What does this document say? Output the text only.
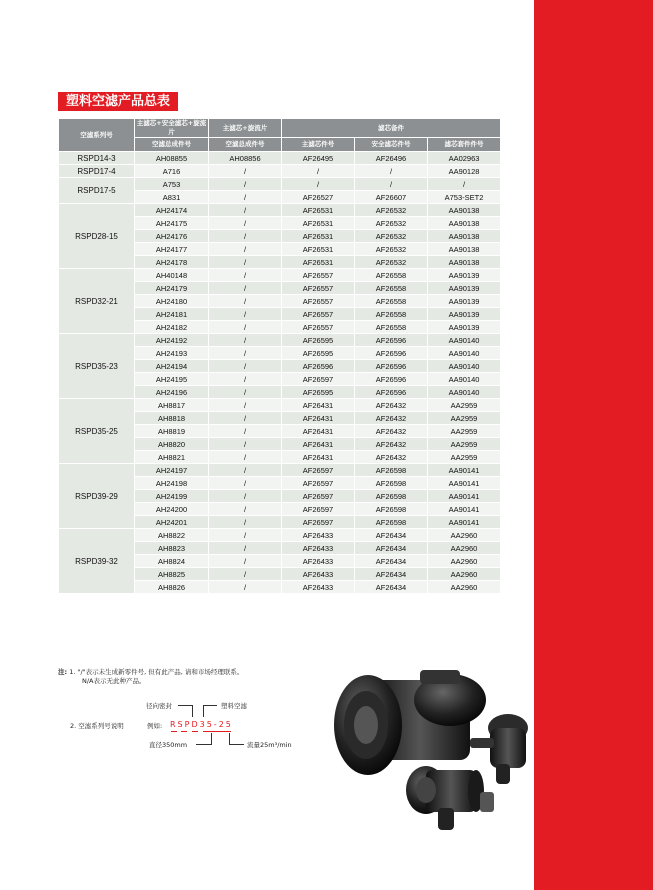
塑料空滤产品总表
空滤系列号	主滤芯+安全滤芯+旋流片	主滤芯+旋流片	滤芯备件		
	空滤总成件号	空滤总成件号	主滤芯件号	安全滤芯件号	滤芯套件件号
RSPD14-3	AH08855	AH08856	AF26495	AF26496	AA02963
RSPD17-4	A716	/	/	/	AA90128
RSPD17-5	A753	/	/	/	/
	A831	/	AF26527	AF26607	A753-SET2
RSPD28-15	AH24174	/	AF26531	AF26532	AA90138
	AH24175	/	AF26531	AF26532	AA90138
	AH24176	/	AF26531	AF26532	AA90138
	AH24177	/	AF26531	AF26532	AA90138
	AH24178	/	AF26531	AF26532	AA90138
RSPD32-21	AH40148	/	AF26557	AF26558	AA90139
	AH24179	/	AF26557	AF26558	AA90139
	AH24180	/	AF26557	AF26558	AA90139
	AH24181	/	AF26557	AF26558	AA90139
	AH24182	/	AF26557	AF26558	AA90139
RSPD35-23	AH24192	/	AF26595	AF26596	AA90140
	AH24193	/	AF26595	AF26596	AA90140
	AH24194	/	AF26596	AF26596	AA90140
	AH24195	/	AF26597	AF26596	AA90140
	AH24196	/	AF26595	AF26596	AA90140
RSPD35-25	AH8817	/	AF26431	AF26432	AA2959
	AH8818	/	AF26431	AF26432	AA2959
	AH8819	/	AF26431	AF26432	AA2959
	AH8820	/	AF26431	AF26432	AA2959
	AH8821	/	AF26431	AF26432	AA2959
RSPD39-29	AH24197	/	AF26597	AF26598	AA90141
	AH24198	/	AF26597	AF26598	AA90141
	AH24199	/	AF26597	AF26598	AA90141
	AH24200	/	AF26597	AF26598	AA90141
	AH24201	/	AF26597	AF26598	AA90141
RSPD39-32	AH8822	/	AF26433	AF26434	AA2960
	AH8823	/	AF26433	AF26434	AA2960
	AH8824	/	AF26433	AF26434	AA2960
	AH8825	/	AF26433	AF26434	AA2960
	AH8826	/	AF26433	AF26434	AA2960
注: 1. "/"表示未生成新零件号, 但有此产品, 请和市场经理联系。
N/A表示无此种产品。
径向密封	塑料空滤
2. 空滤系列号说明	例如: RSPD35-25
直径350mm	流量25m³/min
